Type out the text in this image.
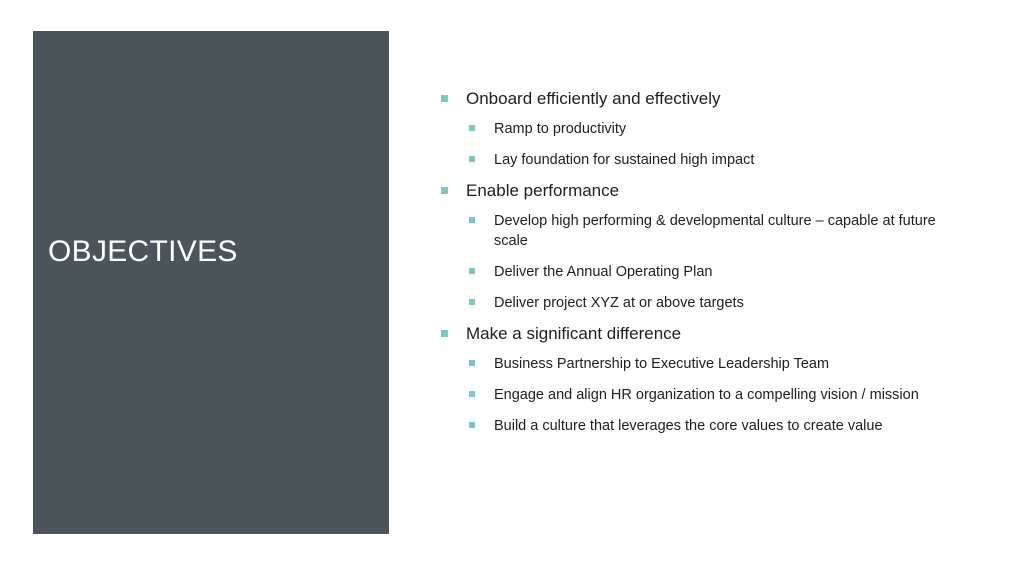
OBJECTIVES
Onboard efficiently and effectively
Ramp to productivity
Lay foundation for sustained high impact
Enable performance
Develop high performing & developmental culture – capable at future scale
Deliver the Annual Operating Plan
Deliver project XYZ at or above targets
Make a significant difference
Business Partnership to Executive Leadership Team
Engage and align HR organization to a compelling vision / mission
Build a culture that leverages the core values to create value
